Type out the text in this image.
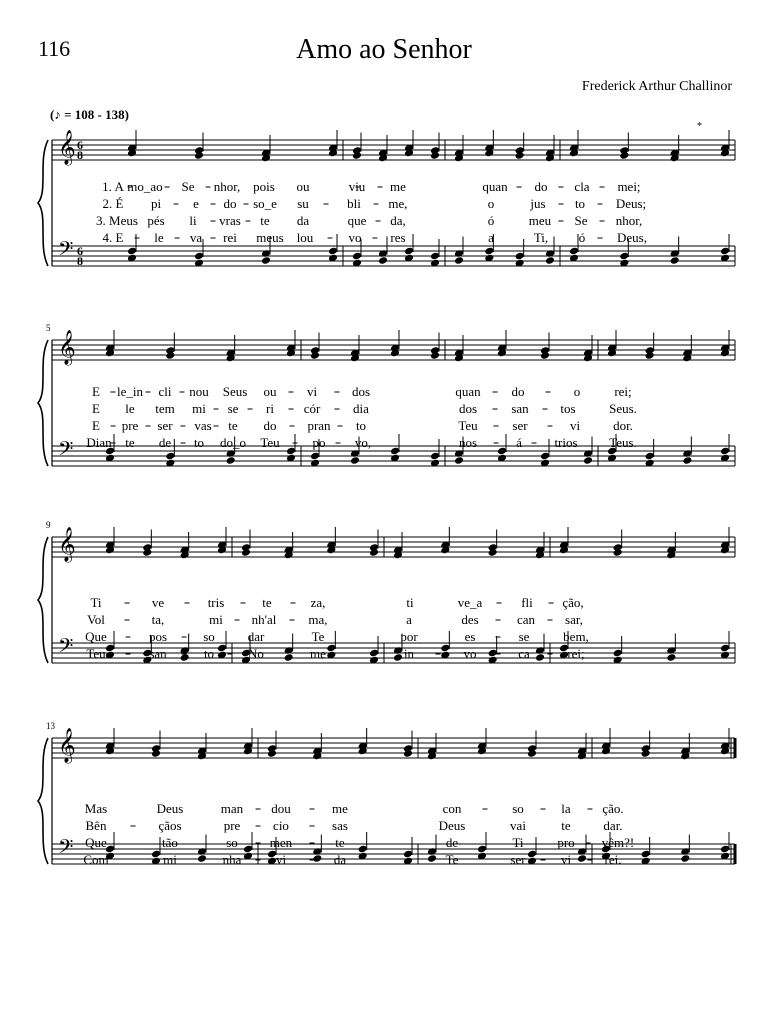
116	Amo ao Senhor
Frederick Arthur Challinor
(♪ = 108 - 138)
𝄞
𝄢
6
8
6
8
*
1. A mo_ao Se nhor, pois ou	viu me	quan do cla mei;
2. É pi e do so_e su	bli me,	o	jus to Deus;
3. Meus pés li vras te da	que da,	ó	meu Se nhor,
4. E le va rei meus lou	vo res	a	Ti, ó Deus,
𝄞
𝄢
5
E le_in cli nou Seus ou vi	dos	quan do	o	rei;
E le tem mi se ri cór	dia	dos	san tos	Seus.
E pre ser vas te do pran to	Teu	ser	vi	dor.
Dian te de to do_o Teu	po vo,	nos	á	trios Teus.
𝄞
𝄢
9
Ti	ve	tris	te	za,	ti	ve_a	fli ção,
Vol	ta,	mi nh'al ma,	a	des	can sar,
Que	pos	so	dar	Te	por	es	se	bem,
Teu	san	to	No	me	in	vo	ca	rei;
𝄞
𝄢
13
Mas	Deus	man dou	me	con	so	la ção.
Bên	çãos	pre	cio	sas	Deus	vai	te	dar.
Que	tão	so men	te	de	Ti	pro vêm?!
Com	mi	nha	vi	da	Te	ser	vi	rei.
